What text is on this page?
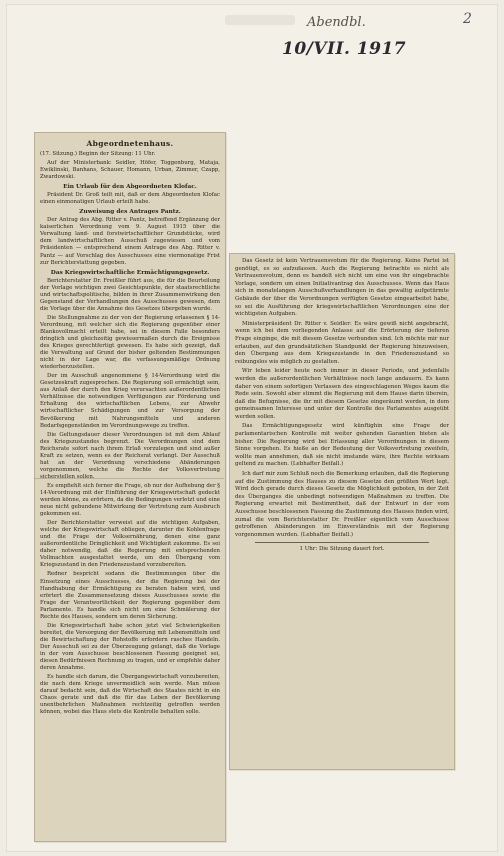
Abendbl.
10/VII. 1917
2
Abgeordnetenhaus.

(17. Sitzung.) Beginn der Sitzung: 11 Uhr.

Auf der Ministerbank: Seidler, Höfer, Toggenburg, Mataja, Ewiklinski, Banhans, Schauer, Homann, Urban, Zimmer, Czapp, Zwardowski.

Ein Urlaub für den Abgeordneten Klofac.

Präsident Dr. Groß teilt mit, daß er dem Abgeordneten Klofac einen einmonatigen Urlaub erteilt habe.

Zuweisung des Antrages Pantz.

Der Antrag des Abg. Ritter v. Pantz, betreffend Ergänzung der kaiserlichen Verordnung vom 9. August 1915 über die Verwaltung land- und forstwirtschaftlicher Grundstücke, wird dem landwirtschaftlichen Ausschuß zugewiesen und vom Präsidenten — entsprechend einem Antrage des Abg. Ritter v. Pantz — auf Vorschlag des Ausschusses eine viermonatige Frist zur Berichterstattung gegeben.

Das Kriegswirtschaftliche Ermächtigungsgesetz.

Berichterstatter Dr. Freißler führt aus, die für die Beurteilung der Vorlage wichtigen zwei Gesichtspunkte, der staatsrechtliche und wirtschaftspolitische, bilden in ihrer Zusammenwirkung den Gegenstand der Verhandlungen des Ausschusses gewesen, dem die Vorlage über die Annahme des Gesetzes übergeben wurde.

Die Stellungnahme zu der von der Regierung erlassenen § 14-Verordnung, mit welcher sich die Regierung gegenüber einer Blankovollmacht erteilt habe, sei in diesem Falle besonders dringlich und gleichzeitig gewissermaßen durch die Ereignisse des Krieges gerechtfertigt gewesen. Es habe sich gezeigt, daß die Verwaltung auf Grund der bisher geltenden Bestimmungen nicht in der Lage war, die verfassungsmäßige Ordnung wiederherzustellen.

Der im Ausschuß angenommene § 14-Verordnung wird die Gesetzeskraft zugesprochen. Die Regierung soll ermächtigt sein, aus Anlaß der durch den Krieg verursachten außerordentlichen Verhältnisse die notwendigen Verfügungen zur Förderung und Erhaltung des wirtschaftlichen Lebens, zur Abwehr wirtschaftlicher Schädigungen und zur Versorgung der Bevölkerung mit Nahrungsmitteln und anderen Bedarfsgegenständen im Verordnungswege zu treffen.

Die Geltungsdauer dieser Verordnungen ist mit dem Ablauf des Kriegszustandes begrenzt. Die Verordnungen sind dem Reichsrate sofort nach ihrem Erlaß vorzulegen und sind außer Kraft zu setzen, wenn es der Reichsrat verlangt. Der Ausschuß hat an der Verordnung verschiedene Abänderungen vorgenommen, welche die Rechte der Volksvertretung sicherstellen sollen.

Es empfiehlt sich ferner die Frage, ob nur der Aufhebung der § 14-Verordnung mit der Einführung der Kriegswirtschaft gedeckt werden könne, zu erörtern, da die Bedingungen verletzt und eine neue nicht gebundene Mitwirkung der Vertretung zum Ausbruch gekommen sei.

Der Berichterstatter verweist auf die wichtigen Aufgaben, welche der Kriegswirtschaft obliegen, darunter die Kohlenfrage und die Frage der Volksernährung, denen eine ganz außerordentliche Dringlichkeit und Wichtigkeit zukomme. Es sei daher notwendig, daß die Regierung mit entsprechenden Vollmachten ausgestattet werde, um den Übergang vom Kriegszustand in den Friedenszustand vorzubereiten.

Redner bespricht sodann die Bestimmungen über die Einsetzung eines Ausschusses, der die Regierung bei der Handhabung der Ermächtigung zu beraten haben wird, und erörtert die Zusammensetzung dieses Ausschusses sowie die Frage der Verantwortlichkeit der Regierung gegenüber dem Parlamente. Es handle sich nicht um eine Schmälerung der Rechte des Hauses, sondern um deren Sicherung.

Die Kriegswirtschaft habe schon jetzt viel Schwierigkeiten bereitet, die Versorgung der Bevölkerung mit Lebensmitteln und die Bewirtschaftung der Rohstoffe erfordern rasches Handeln. Der Ausschuß sei zu der Überzeugung gelangt, daß die Vorlage in der vom Ausschusse beschlossenen Fassung geeignet sei, diesen Bedürfnissen Rechnung zu tragen, und er empfehle daher deren Annahme.

Es handle sich darum, die Übergangswirtschaft vorzubereiten, die nach dem Kriege unvermeidlich sein werde. Man müsse darauf bedacht sein, daß die Wirtschaft des Staates nicht in ein Chaos gerate und daß die für das Leben der Bevölkerung unentbehrlichen Maßnahmen rechtzeitig getroffen werden können, wobei das Haus stets die Kontrolle behalten solle.

Das Gesetz ist kein Vertrauensvotum für die Regierung. Keine Partei ist genötigt, es so aufzufassen. Auch die Regierung betrachte es nicht als Vertrauensvotum, denn es handelt sich nicht um eine von ihr eingebrachte Vorlage, sondern um einen Initiativantrag des Ausschusses. Wenn das Haus sich in monatelangen Ausschußverhandlungen in das gewaltig aufgetürmte Gebäude der über die Verordnungen verfügten Gesetze eingearbeitet habe, so sei die Ausführung der kriegswirtschaftlichen Verordnungen eine der wichtigsten Aufgaben.

Ministerpräsident Dr. Ritter v. Seidler: Es wäre gewiß nicht angebracht, wenn ich bei dem vorliegenden Anlasse auf die Erörterung der tieferen Frage einginge, die mit diesem Gesetze verbunden sind. Ich möchte mir nur erlauben, auf den grundsätzlichen Standpunkt der Regierung hinzuweisen, den Übergang aus dem Kriegszustande in den Friedenszustand so reibungslos wie möglich zu gestalten.

Wir leben leider heute noch immer in dieser Periode, und jedenfalls werden die außerordentlichen Verhältnisse noch lange andauern. Es kann daher von einem sofortigen Verlassen des eingeschlagenen Weges kaum die Rede sein. Sowohl aber stimmt die Regierung mit dem Hause darin überein, daß die Befugnisse, die ihr mit diesem Gesetze eingeräumt werden, in dem gemeinsamen Interesse und unter der Kontrolle des Parlamentes ausgeübt werden sollen.

Das Ermächtigungsgesetz wird künftighin eine Frage der parlamentarischen Kontrolle mit weiter gehenden Garantien bieten als bisher. Die Regierung wird bei Erlassung aller Verordnungen in diesem Sinne vorgehen. Es hieße an der Bedeutung der Volksvertretung zweifeln, wollte man annehmen, daß sie nicht imstande wäre, ihre Rechte wirksam geltend zu machen. (Lebhafter Beifall.)

Ich darf mir zum Schluß noch die Bemerkung erlauben, daß die Regierung auf die Zustimmung des Hauses zu diesem Gesetze den größten Wert legt. Wird doch gerade durch dieses Gesetz die Möglichkeit geboten, in der Zeit des Überganges die unbedingt notwendigen Maßnahmen zu treffen. Die Regierung erwartet mit Bestimmtheit, daß der Entwurf in der vom Ausschusse beschlossenen Fassung die Zustimmung des Hauses finden wird, zumal die vom Berichterstatter Dr. Freißler eigentlich vom Ausschusse getroffenen Abänderungen im Einverständnis mit der Regierung vorgenommen wurden. (Lebhafter Beifall.)

1 Uhr: Die Sitzung dauert fort.
